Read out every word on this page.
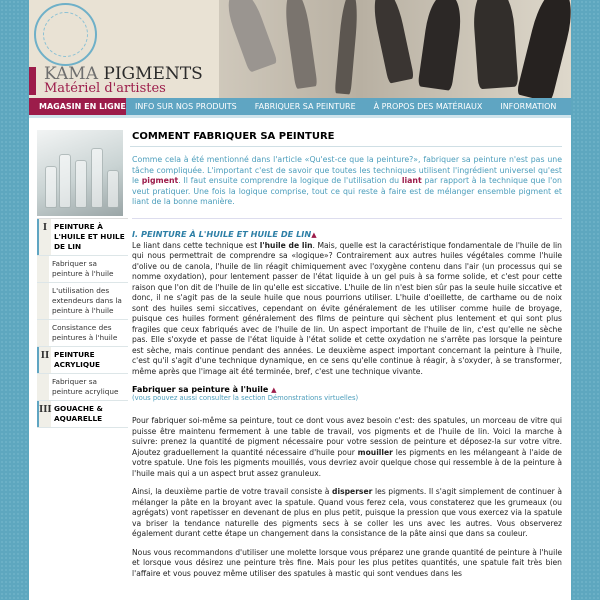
KAMA PIGMENTS
Matériel d'artistes
MAGASIN EN LIGNE	INFO SUR NOS PRODUITS	FABRIQUER SA PEINTURE	À PROPOS DES MATÉRIAUX	INFORMATION
I PEINTURE À L'HUILE ET HUILE DE LIN
Fabriquer sa peinture à l'huile
L'utilisation des extendeurs dans la peinture à l'huile
Consistance des peintures à l'huile
II PEINTURE ACRYLIQUE
Fabriquer sa peinture acrylique
III GOUACHE & AQUARELLE
COMMENT FABRIQUER SA PEINTURE
Comme cela à été mentionné dans l'article «Qu'est-ce que la peinture?», fabriquer sa peinture n'est pas une tâche compliquée. L'important c'est de savoir que toutes les techniques utilisent l'ingrédient universel qu'est le pigment. Il faut ensuite comprendre la logique de l'utilisation du liant par rapport à la technique que l'on veut pratiquer. Une fois la logique comprise, tout ce qui reste à faire est de mélanger ensemble pigment et liant de la bonne manière.
I. PEINTURE À L'HUILE ET HUILE DE LIN▲

Le liant dans cette technique est l'huile de lin. Mais, quelle est la caractéristique fondamentale de l'huile de lin qui nous permettrait de comprendre sa «logique»? Contrairement aux autres huiles végétales comme l'huile d'olive ou de canola, l'huile de lin réagit chimiquement avec l'oxygène contenu dans l'air (un processus qui se nomme oxydation), pour lentement passer de l'état liquide à un gel puis à sa forme solide, et c'est pour cette raison que l'on dit de l'huile de lin qu'elle est siccative. L'huile de lin n'est bien sûr pas la seule huile siccative et donc, il ne s'agit pas de la seule huile que nous pourrions utiliser. L'huile d'oeillette, de carthame ou de noix sont des huiles semi siccatives, cependant on évite généralement de les utiliser comme huile de broyage, puisque ces huiles forment généralement des films de peinture qui sèchent plus lentement et qui sont plus fragiles que ceux fabriqués avec de l'huile de lin. Un aspect important de l'huile de lin, c'est qu'elle ne sèche pas. Elle s'oxyde et passe de l'état liquide à l'état solide et cette oxydation ne s'arrête pas lorsque la peinture est sèche, mais continue pendant des années. Le deuxième aspect important concernant la peinture à l'huile, c'est qu'il s'agit d'une technique dynamique, en ce sens qu'elle continue à réagir, à s'oxyder, à se transformer, même après que l'image ait été terminée, bref, c'est une technique vivante.

Fabriquer sa peinture à l'huile ▲
(vous pouvez aussi consulter la section Démonstrations virtuelles)

Pour fabriquer soi-même sa peinture, tout ce dont vous avez besoin c'est: des spatules, un morceau de vitre qui puisse être maintenu fermement à une table de travail, vos pigments et de l'huile de lin. Voici la marche à suivre: prenez la quantité de pigment nécessaire pour votre session de peinture et déposez-la sur votre vitre. Ajoutez graduellement la quantité nécessaire d'huile pour mouiller les pigments en les mélangeant à l'aide de votre spatule. Une fois les pigments mouillés, vous devriez avoir quelque chose qui ressemble à de la peinture à l'huile mais qui a un aspect brut assez granuleux.

Ainsi, la deuxième partie de votre travail consiste à disperser les pigments. Il s'agit simplement de continuer à mélanger la pâte en la broyant avec la spatule. Quand vous ferez cela, vous constaterez que les grumeaux (ou agrégats) vont rapetisser en devenant de plus en plus petit, puisque la pression que vous exercez via la spatule va briser la tendance naturelle des pigments secs à se coller les uns avec les autres. Vous observerez également durant cette étape un changement dans la consistance de la pâte ainsi que dans sa couleur.

Nous vous recommandons d'utiliser une molette lorsque vous préparez une grande quantité de peinture à l'huile et lorsque vous désirez une peinture très fine. Mais pour les plus petites quantités, une spatule fait très bien l'affaire et vous pouvez même utiliser des spatules à mastic qui sont vendues dans les
